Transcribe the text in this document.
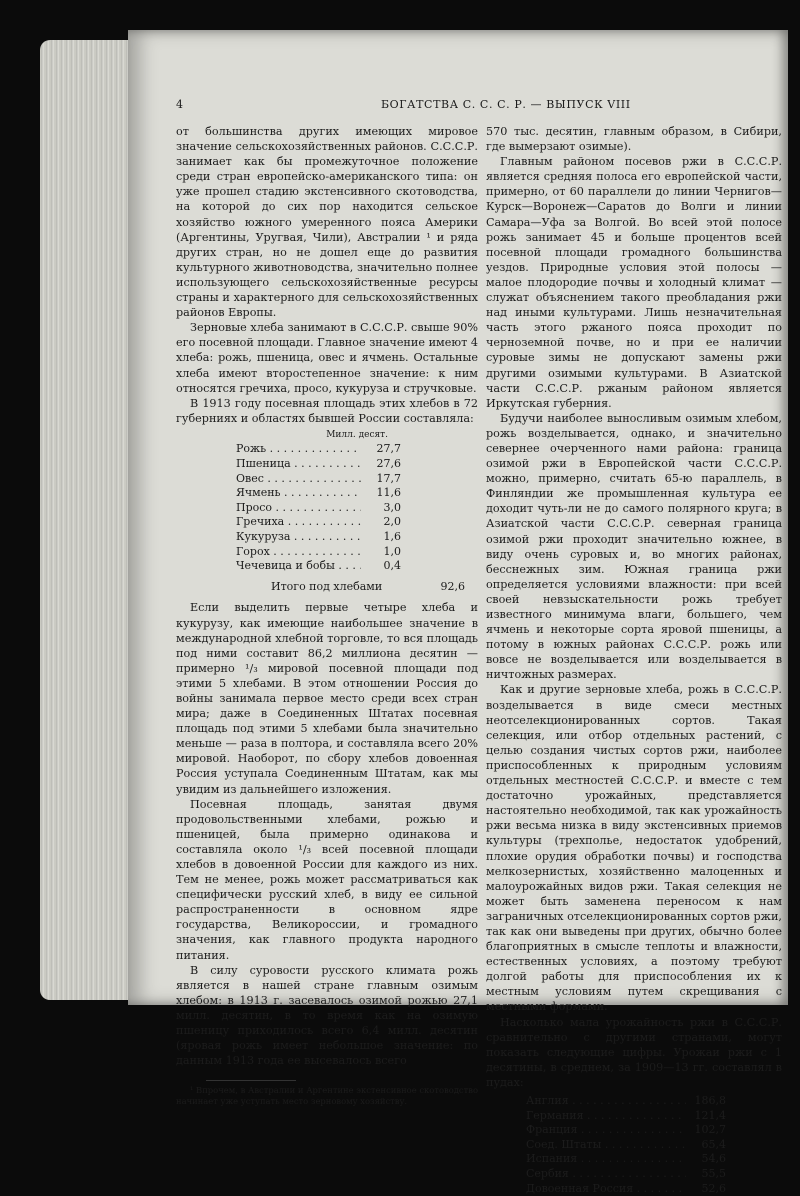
4	БОГАТСТВА С. С. С. Р. — ВЫПУСК VIII

от большинства других имеющих мировое значение сельскохозяйственных районов. С.С.С.Р. занимает как бы промежуточное положение среди стран европейско-американского типа: он уже прошел стадию экстенсивного скотоводства, на которой до сих пор находится сельское хозяйство южного умеренного пояса Америки (Аргентины, Уругвая, Чили), Австралии ¹ и ряда других стран, но не дошел еще до развития культурного животноводства, значительно полнее использующего сельскохозяйственные ресурсы страны и характерного для сельскохозяйственных районов Европы.

Зерновые хлеба занимают в С.С.С.Р. свыше 90% его посевной площади. Главное значение имеют 4 хлеба: рожь, пшеница, овес и ячмень. Остальные хлеба имеют второстепенное значение: к ним относятся гречиха, просо, кукуруза и стручковые.

В 1913 году посевная площадь этих хлебов в 72 губерниях и областях бывшей России составляла:

Милл. десят.
Рожь . . .	27,7
Пшеница . . .	27,6
Овес . . .	17,7
Ячмень . . .	11,6
Просо . . .	3,0
Гречиха . . .	2,0
Кукуруза . . .	1,6
Горох . . .	1,0
Чечевица и бобы . . .	0,4
Итого под хлебами	92,6

Если выделить первые четыре хлеба и кукурузу, как имеющие наибольшее значение в международной хлебной торговле, то вся площадь под ними составит 86,2 миллиона десятин — примерно ¹/₃ мировой посевной площади под этими 5 хлебами. В этом отношении Россия до войны занимала первое место среди всех стран мира; даже в Соединенных Штатах посевная площадь под этими 5 хлебами была значительно меньше — раза в полтора, и составляла всего 20% мировой. Наоборот, по сбору хлебов довоенная Россия уступала Соединенным Штатам, как мы увидим из дальнейшего изложения.

Посевная площадь, занятая двумя продовольственными хлебами, рожью и пшеницей, была примерно одинакова и составляла около ¹/₃ всей посевной площади хлебов в довоенной России для каждого из них. Тем не менее, рожь может рассматриваться как специфически русский хлеб, в виду ее сильной распространенности в основном ядре государства, Великороссии, и громадного значения, как главного продукта народного питания.

В силу суровости русского климата рожь является в нашей стране главным озимым хлебом: в 1913 г. засевалось озимой рожью 27,1 милл. десятин, в то время как на озимую пшеницу приходилось всего 6,4 милл. десятин (яровая рожь имеет небольшое значение: по данным 1913 года ее высевалось всего

¹ Впрочем, в Австралии и Аргентине экстенсивное скотоводство начинает уже уступать место зерновому хозяйству.

570 тыс. десятин, главным образом, в Сибири, где вымерзают озимые).

Главным районом посевов ржи в С.С.С.Р. является средняя полоса его европейской части, примерно, от 60 параллели до линии Чернигов—Курск—Воронеж—Саратов до Волги и линии Самара—Уфа за Волгой. Во всей этой полосе рожь занимает 45 и больше процентов всей посевной площади громадного большинства уездов. Природные условия этой полосы — малое плодородие почвы и холодный климат — служат объяснением такого преобладания ржи над иными культурами. Лишь незначительная часть этого ржаного пояса проходит по черноземной почве, но и при ее наличии суровые зимы не допускают замены ржи другими озимыми культурами. В Азиатской части С.С.С.Р. ржаным районом является Иркутская губерния.

Будучи наиболее выносливым озимым хлебом, рожь возделывается, однако, и значительно севернее очерченного нами района: граница озимой ржи в Европейской части С.С.С.Р. можно, примерно, считать 65-ю параллель, в Финляндии же промышленная культура ее доходит чуть-ли не до самого полярного круга; в Азиатской части С.С.С.Р. северная граница озимой ржи проходит значительно южнее, в виду очень суровых и, во многих районах, бесснежных зим. Южная граница ржи определяется условиями влажности: при всей своей невзыскательности рожь требует известного минимума влаги, большего, чем ячмень и некоторые сорта яровой пшеницы, а потому в южных районах С.С.С.Р. рожь или вовсе не возделывается или возделывается в ничтожных размерах.

Как и другие зерновые хлеба, рожь в С.С.С.Р. возделывается в виде смеси местных неотселекционированных сортов. Такая селекция, или отбор отдельных растений, с целью создания чистых сортов ржи, наиболее приспособленных к природным условиям отдельных местностей С.С.С.Р. и вместе с тем достаточно урожайных, представляется настоятельно необходимой, так как урожайность ржи весьма низка в виду экстенсивных приемов культуры (трехполье, недостаток удобрений, плохие орудия обработки почвы) и господства мелкозернистых, хозяйственно малоценных и малоурожайных видов ржи. Такая селекция не может быть заменена переносом к нам заграничных отселекционированных сортов ржи, так как они выведены при других, обычно более благоприятных в смысле теплоты и влажности, естественных условиях, а поэтому требуют долгой работы для приспособления их к местным условиям путем скрещивания с местными формами.

Насколько мала урожайность ржи в С.С.С.Р. сравнительно с другими странами, могут показать следующие цифры. Урожаи ржи с 1 десятины, в среднем, за 1909—13 гг. составлял в пудах:

Англия . . .	186,8
Германия . . .	121,4
Франция . . .	102,7
Соед. Штаты . . .	65,4
Испания . . .	54,6
Сербия . . .	55,5
Довоенная Россия . . .	52,6
